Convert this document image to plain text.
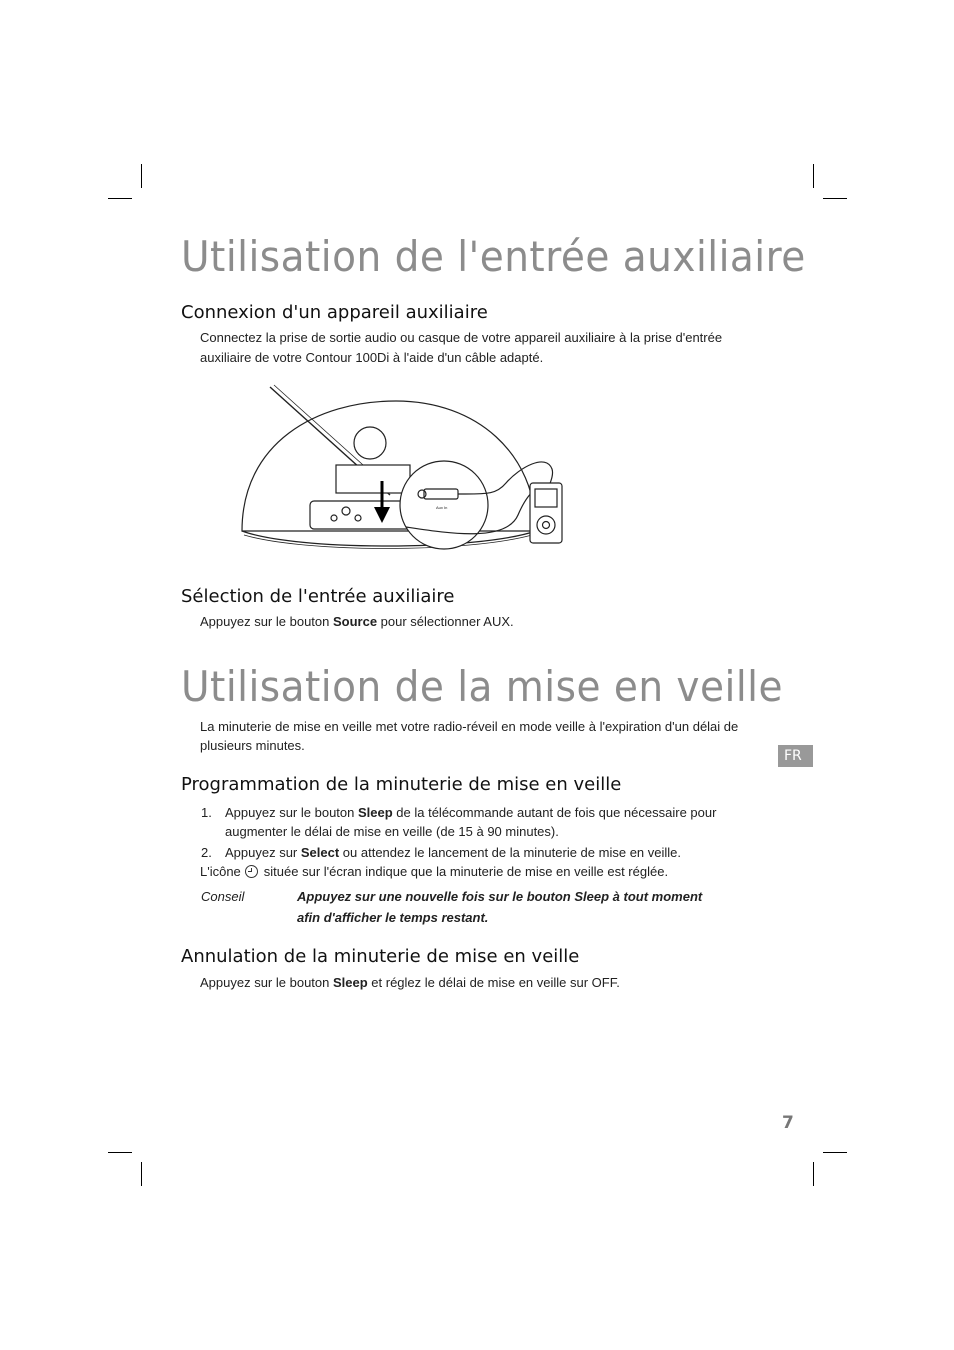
Utilisation de l'entrée auxiliaire
Connexion d'un appareil auxiliaire

Connectez la prise de sortie audio ou casque de votre appareil auxiliaire à la prise d'entrée

auxiliaire de votre Contour 100Di à l'aide d'un câble adapté.

Aux In
Sélection de l'entrée auxiliaire

Appuyez sur le bouton Source pour sélectionner AUX.

Utilisation de la mise en veille

La minuterie de mise en veille met votre radio-réveil en mode veille à l'expiration d'un délai de

plusieurs minutes.

FR
Programmation de la minuterie de mise en veille
1. Appuyez sur le bouton Sleep de la télécommande autant de fois que nécessaire pour

augmenter le délai de mise en veille (de 15 à 90 minutes).

2. Appuyez sur Select ou attendez le lancement de la minuterie de mise en veille.

L'icône située sur l'écran indique que la minuterie de mise en veille est réglée.

Conseil	Appuyez sur une nouvelle fois sur le bouton Sleep à tout moment
afin d'afficher le temps restant.
Annulation de la minuterie de mise en veille

Appuyez sur le bouton Sleep et réglez le délai de mise en veille sur OFF.

7
